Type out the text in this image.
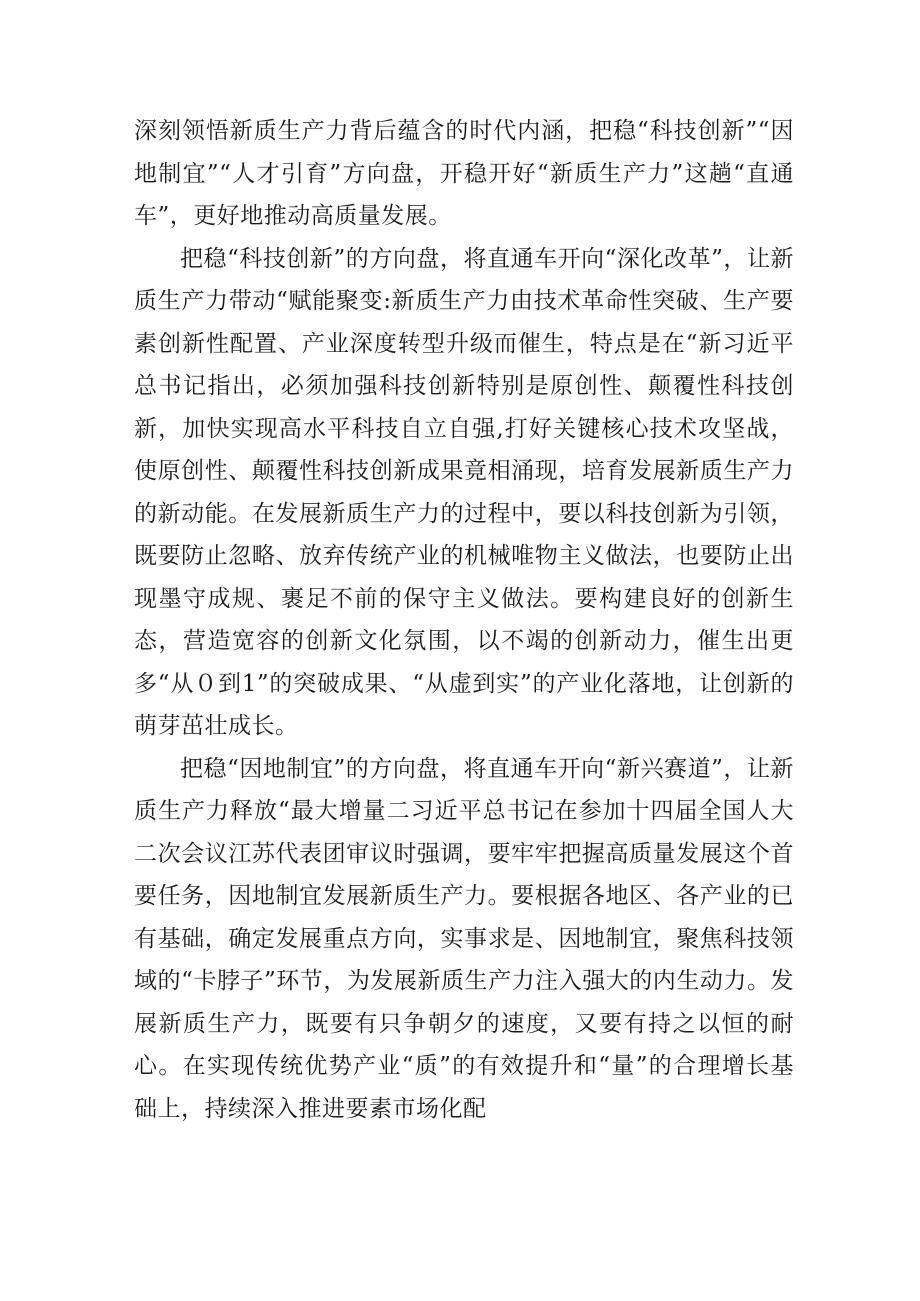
深刻领悟新质生产力背后蕴含的时代内涵，把稳“科技创新”“因地制宜”“人才引育”方向盘，开稳开好“新质生产力”这趟“直通车”，更好地推动高质量发展。

把稳“科技创新”的方向盘，将直通车开向“深化改革”，让新质生产力带动“赋能聚变:新质生产力由技术革命性突破、生产要素创新性配置、产业深度转型升级而催生，特点是在“新习近平总书记指出，必须加强科技创新特别是原创性、颠覆性科技创新，加快实现高水平科技自立自强,打好关键核心技术攻坚战，使原创性、颠覆性科技创新成果竟相涌现，培育发展新质生产力的新动能。在发展新质生产力的过程中，要以科技创新为引领，既要防止忽略、放弃传统产业的机械唯物主义做法，也要防止出现墨守成规、裹足不前的保守主义做法。要构建良好的创新生态，营造宽容的创新文化氛围，以不竭的创新动力，催生出更多“从０到1”的突破成果、“从虚到实”的产业化落地，让创新的萌芽茁壮成长。

把稳“因地制宜”的方向盘，将直通车开向“新兴赛道”，让新质生产力释放“最大增量二习近平总书记在参加十四届全国人大二次会议江苏代表团审议时强调，要牢牢把握高质量发展这个首要任务，因地制宜发展新质生产力。要根据各地区、各产业的已有基础，确定发展重点方向，实事求是、因地制宜，聚焦科技领域的“卡脖子”环节，为发展新质生产力注入强大的内生动力。发展新质生产力，既要有只争朝夕的速度，又要有持之以恒的耐心。在实现传统优势产业“质”的有效提升和“量”的合理增长基础上，持续深入推进要素市场化配
